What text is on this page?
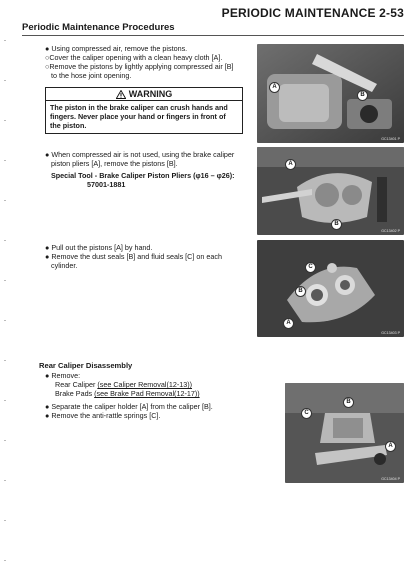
PERIODIC MAINTENANCE 2-53
Periodic Maintenance Procedures
● Using compressed air, remove the pistons.
○Cover the caliper opening with a clean heavy cloth [A].
○Remove the pistons by lightly applying compressed air [B]
to the hose joint opening.
WARNING
The piston in the brake caliper can crush hands and
fingers. Never place your hand or fingers in front of
the piston.
A
B
GC13401 P
● When compressed air is not used, using the brake caliper
piston pliers [A], remove the pistons [B].
Special Tool - Brake Caliper Piston Pliers (φ16 – φ26):
57001-1881
A
B
GC13402 P
● Pull out the pistons [A] by hand.
● Remove the dust seals [B] and fluid seals [C] on each
cylinder.	C
B
A
GC13403 P
Rear Caliper Disassembly
● Remove:
Rear Caliper (see Caliper Removal(12-13))
Brake Pads (see Brake Pad Removal(12-17))
● Separate the caliper holder [A] from the caliper [B].
● Remove the anti-rattle springs [C].	C
B
A
GC13404 P
